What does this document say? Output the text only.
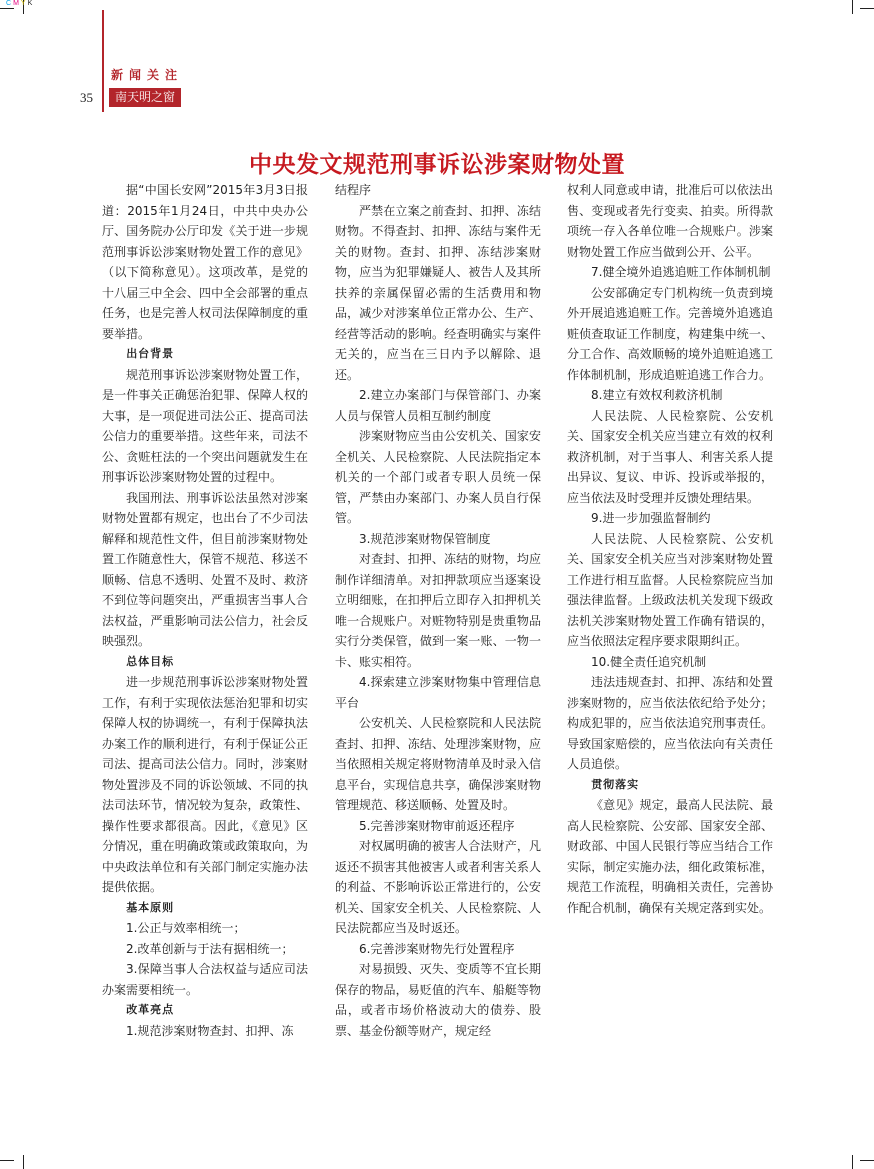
CMYK
新闻关注
35	南天明之窗
中央发文规范刑事诉讼涉案财物处置

据“中国长安网”2015年3月3日报道：2015年1月24日，中共中央办公厅、国务院办公厅印发《关于进一步规范刑事诉讼涉案财物处置工作的意见》（以下简称意见）。这项改革，是党的十八届三中全会、四中全会部署的重点任务，也是完善人权司法保障制度的重要举措。

出台背景

规范刑事诉讼涉案财物处置工作，是一件事关正确惩治犯罪、保障人权的大事，是一项促进司法公正、提高司法公信力的重要举措。这些年来，司法不公、贪赃枉法的一个突出问题就发生在刑事诉讼涉案财物处置的过程中。

我国刑法、刑事诉讼法虽然对涉案财物处置都有规定，也出台了不少司法解释和规范性文件，但目前涉案财物处置工作随意性大，保管不规范、移送不顺畅、信息不透明、处置不及时、救济不到位等问题突出，严重损害当事人合法权益，严重影响司法公信力，社会反映强烈。

总体目标

进一步规范刑事诉讼涉案财物处置工作，有利于实现依法惩治犯罪和切实保障人权的协调统一，有利于保障执法办案工作的顺利进行，有利于保证公正司法、提高司法公信力。同时，涉案财物处置涉及不同的诉讼领域、不同的执法司法环节，情况较为复杂，政策性、操作性要求都很高。因此，《意见》区分情况，重在明确政策或政策取向，为中央政法单位和有关部门制定实施办法提供依据。

基本原则

1.公正与效率相统一；

2.改革创新与于法有据相统一；

3.保障当事人合法权益与适应司法办案需要相统一。

改革亮点

1.规范涉案财物查封、扣押、冻

结程序

严禁在立案之前查封、扣押、冻结财物。不得查封、扣押、冻结与案件无关的财物。查封、扣押、冻结涉案财物，应当为犯罪嫌疑人、被告人及其所扶养的亲属保留必需的生活费用和物品，减少对涉案单位正常办公、生产、经营等活动的影响。经查明确实与案件无关的，应当在三日内予以解除、退还。

2.建立办案部门与保管部门、办案人员与保管人员相互制约制度

涉案财物应当由公安机关、国家安全机关、人民检察院、人民法院指定本机关的一个部门或者专职人员统一保管，严禁由办案部门、办案人员自行保管。

3.规范涉案财物保管制度

对查封、扣押、冻结的财物，均应制作详细清单。对扣押款项应当逐案设立明细账，在扣押后立即存入扣押机关唯一合规账户。对赃物特别是贵重物品实行分类保管，做到一案一账、一物一卡、账实相符。

4.探索建立涉案财物集中管理信息平台

公安机关、人民检察院和人民法院查封、扣押、冻结、处理涉案财物，应当依照相关规定将财物清单及时录入信息平台，实现信息共享，确保涉案财物管理规范、移送顺畅、处置及时。

5.完善涉案财物审前返还程序

对权属明确的被害人合法财产，凡返还不损害其他被害人或者利害关系人的利益、不影响诉讼正常进行的，公安机关、国家安全机关、人民检察院、人民法院都应当及时返还。

6.完善涉案财物先行处置程序

对易损毁、灭失、变质等不宜长期保存的物品，易贬值的汽车、船艇等物品，或者市场价格波动大的债券、股票、基金份额等财产，规定经

权利人同意或申请，批准后可以依法出售、变现或者先行变卖、拍卖。所得款项统一存入各单位唯一合规账户。涉案财物处置工作应当做到公开、公平。

7.健全境外追逃追赃工作体制机制

公安部确定专门机构统一负责到境外开展追逃追赃工作。完善境外追逃追赃侦查取证工作制度，构建集中统一、分工合作、高效顺畅的境外追赃追逃工作体制机制，形成追赃追逃工作合力。

8.建立有效权利救济机制

人民法院、人民检察院、公安机关、国家安全机关应当建立有效的权利救济机制，对于当事人、利害关系人提出异议、复议、申诉、投诉或举报的，应当依法及时受理并反馈处理结果。

9.进一步加强监督制约

人民法院、人民检察院、公安机关、国家安全机关应当对涉案财物处置工作进行相互监督。人民检察院应当加强法律监督。上级政法机关发现下级政法机关涉案财物处置工作确有错误的，应当依照法定程序要求限期纠正。

10.健全责任追究机制

违法违规查封、扣押、冻结和处置涉案财物的，应当依法依纪给予处分；构成犯罪的，应当依法追究刑事责任。导致国家赔偿的，应当依法向有关责任人员追偿。

贯彻落实

《意见》规定，最高人民法院、最高人民检察院、公安部、国家安全部、财政部、中国人民银行等应当结合工作实际，制定实施办法，细化政策标准，规范工作流程，明确相关责任，完善协作配合机制，确保有关规定落到实处。
